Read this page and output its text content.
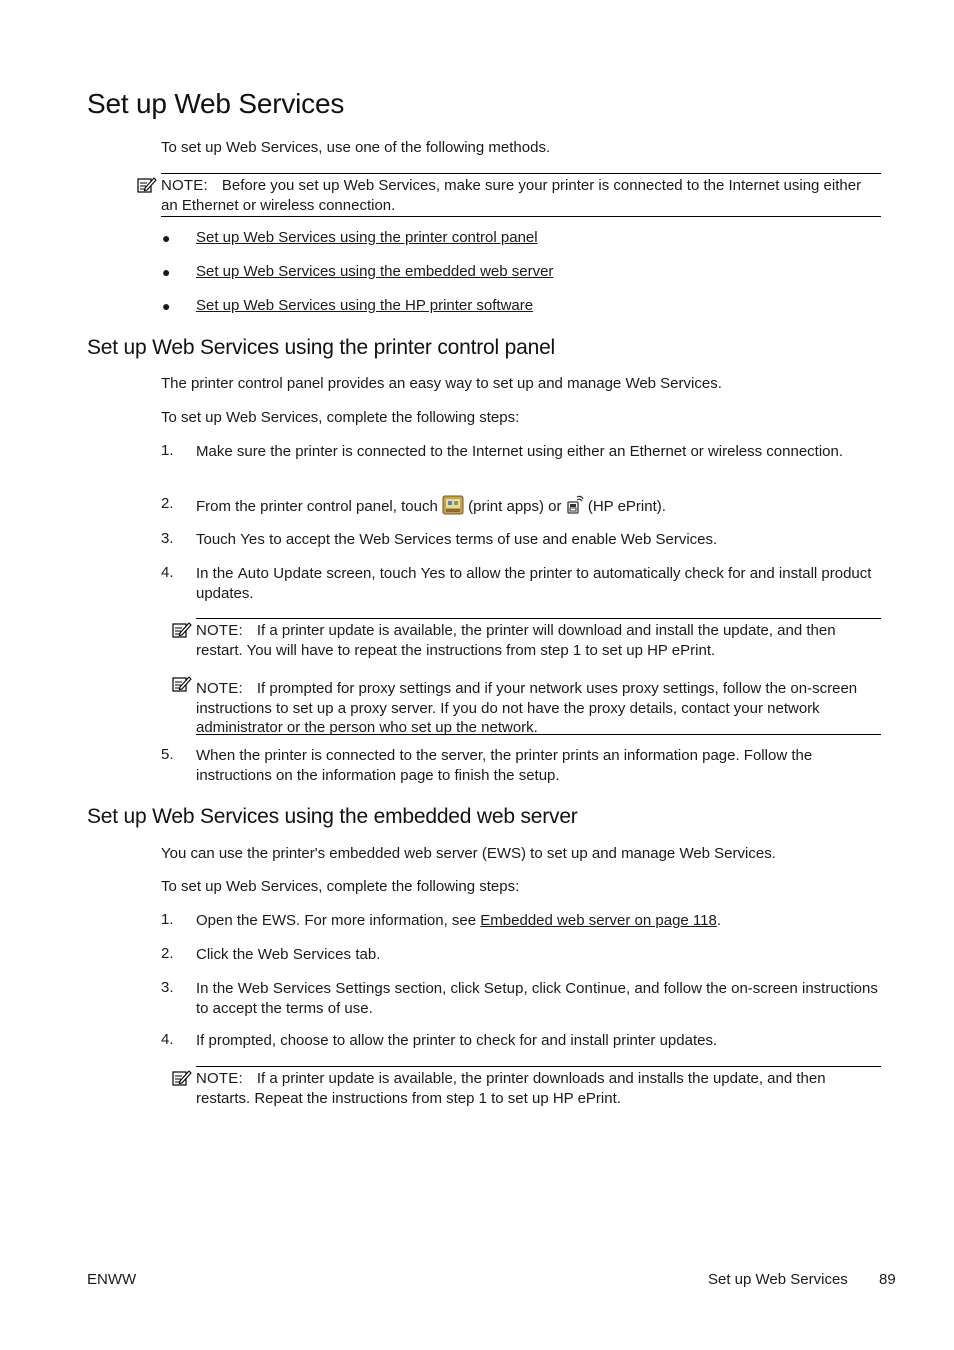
Set up Web Services
To set up Web Services, use one of the following methods.
NOTE: Before you set up Web Services, make sure your printer is connected to the Internet using either an Ethernet or wireless connection.
● Set up Web Services using the printer control panel
● Set up Web Services using the embedded web server
● Set up Web Services using the HP printer software
Set up Web Services using the printer control panel
The printer control panel provides an easy way to set up and manage Web Services.
To set up Web Services, complete the following steps:
1. Make sure the printer is connected to the Internet using either an Ethernet or wireless connection.
2. From the printer control panel, touch (print apps) or (HP ePrint).
3. Touch Yes to accept the Web Services terms of use and enable Web Services.
4. In the Auto Update screen, touch Yes to allow the printer to automatically check for and install product updates.
NOTE: If a printer update is available, the printer will download and install the update, and then restart. You will have to repeat the instructions from step 1 to set up HP ePrint.
NOTE: If prompted for proxy settings and if your network uses proxy settings, follow the on-screen instructions to set up a proxy server. If you do not have the proxy details, contact your network administrator or the person who set up the network.
5. When the printer is connected to the server, the printer prints an information page. Follow the instructions on the information page to finish the setup.
Set up Web Services using the embedded web server
You can use the printer's embedded web server (EWS) to set up and manage Web Services.
To set up Web Services, complete the following steps:
1. Open the EWS. For more information, see Embedded web server on page 118.
2. Click the Web Services tab.
3. In the Web Services Settings section, click Setup, click Continue, and follow the on-screen instructions to accept the terms of use.
4. If prompted, choose to allow the printer to check for and install printer updates.
NOTE: If a printer update is available, the printer downloads and installs the update, and then restarts. Repeat the instructions from step 1 to set up HP ePrint.
ENWW	Set up Web Services 89
